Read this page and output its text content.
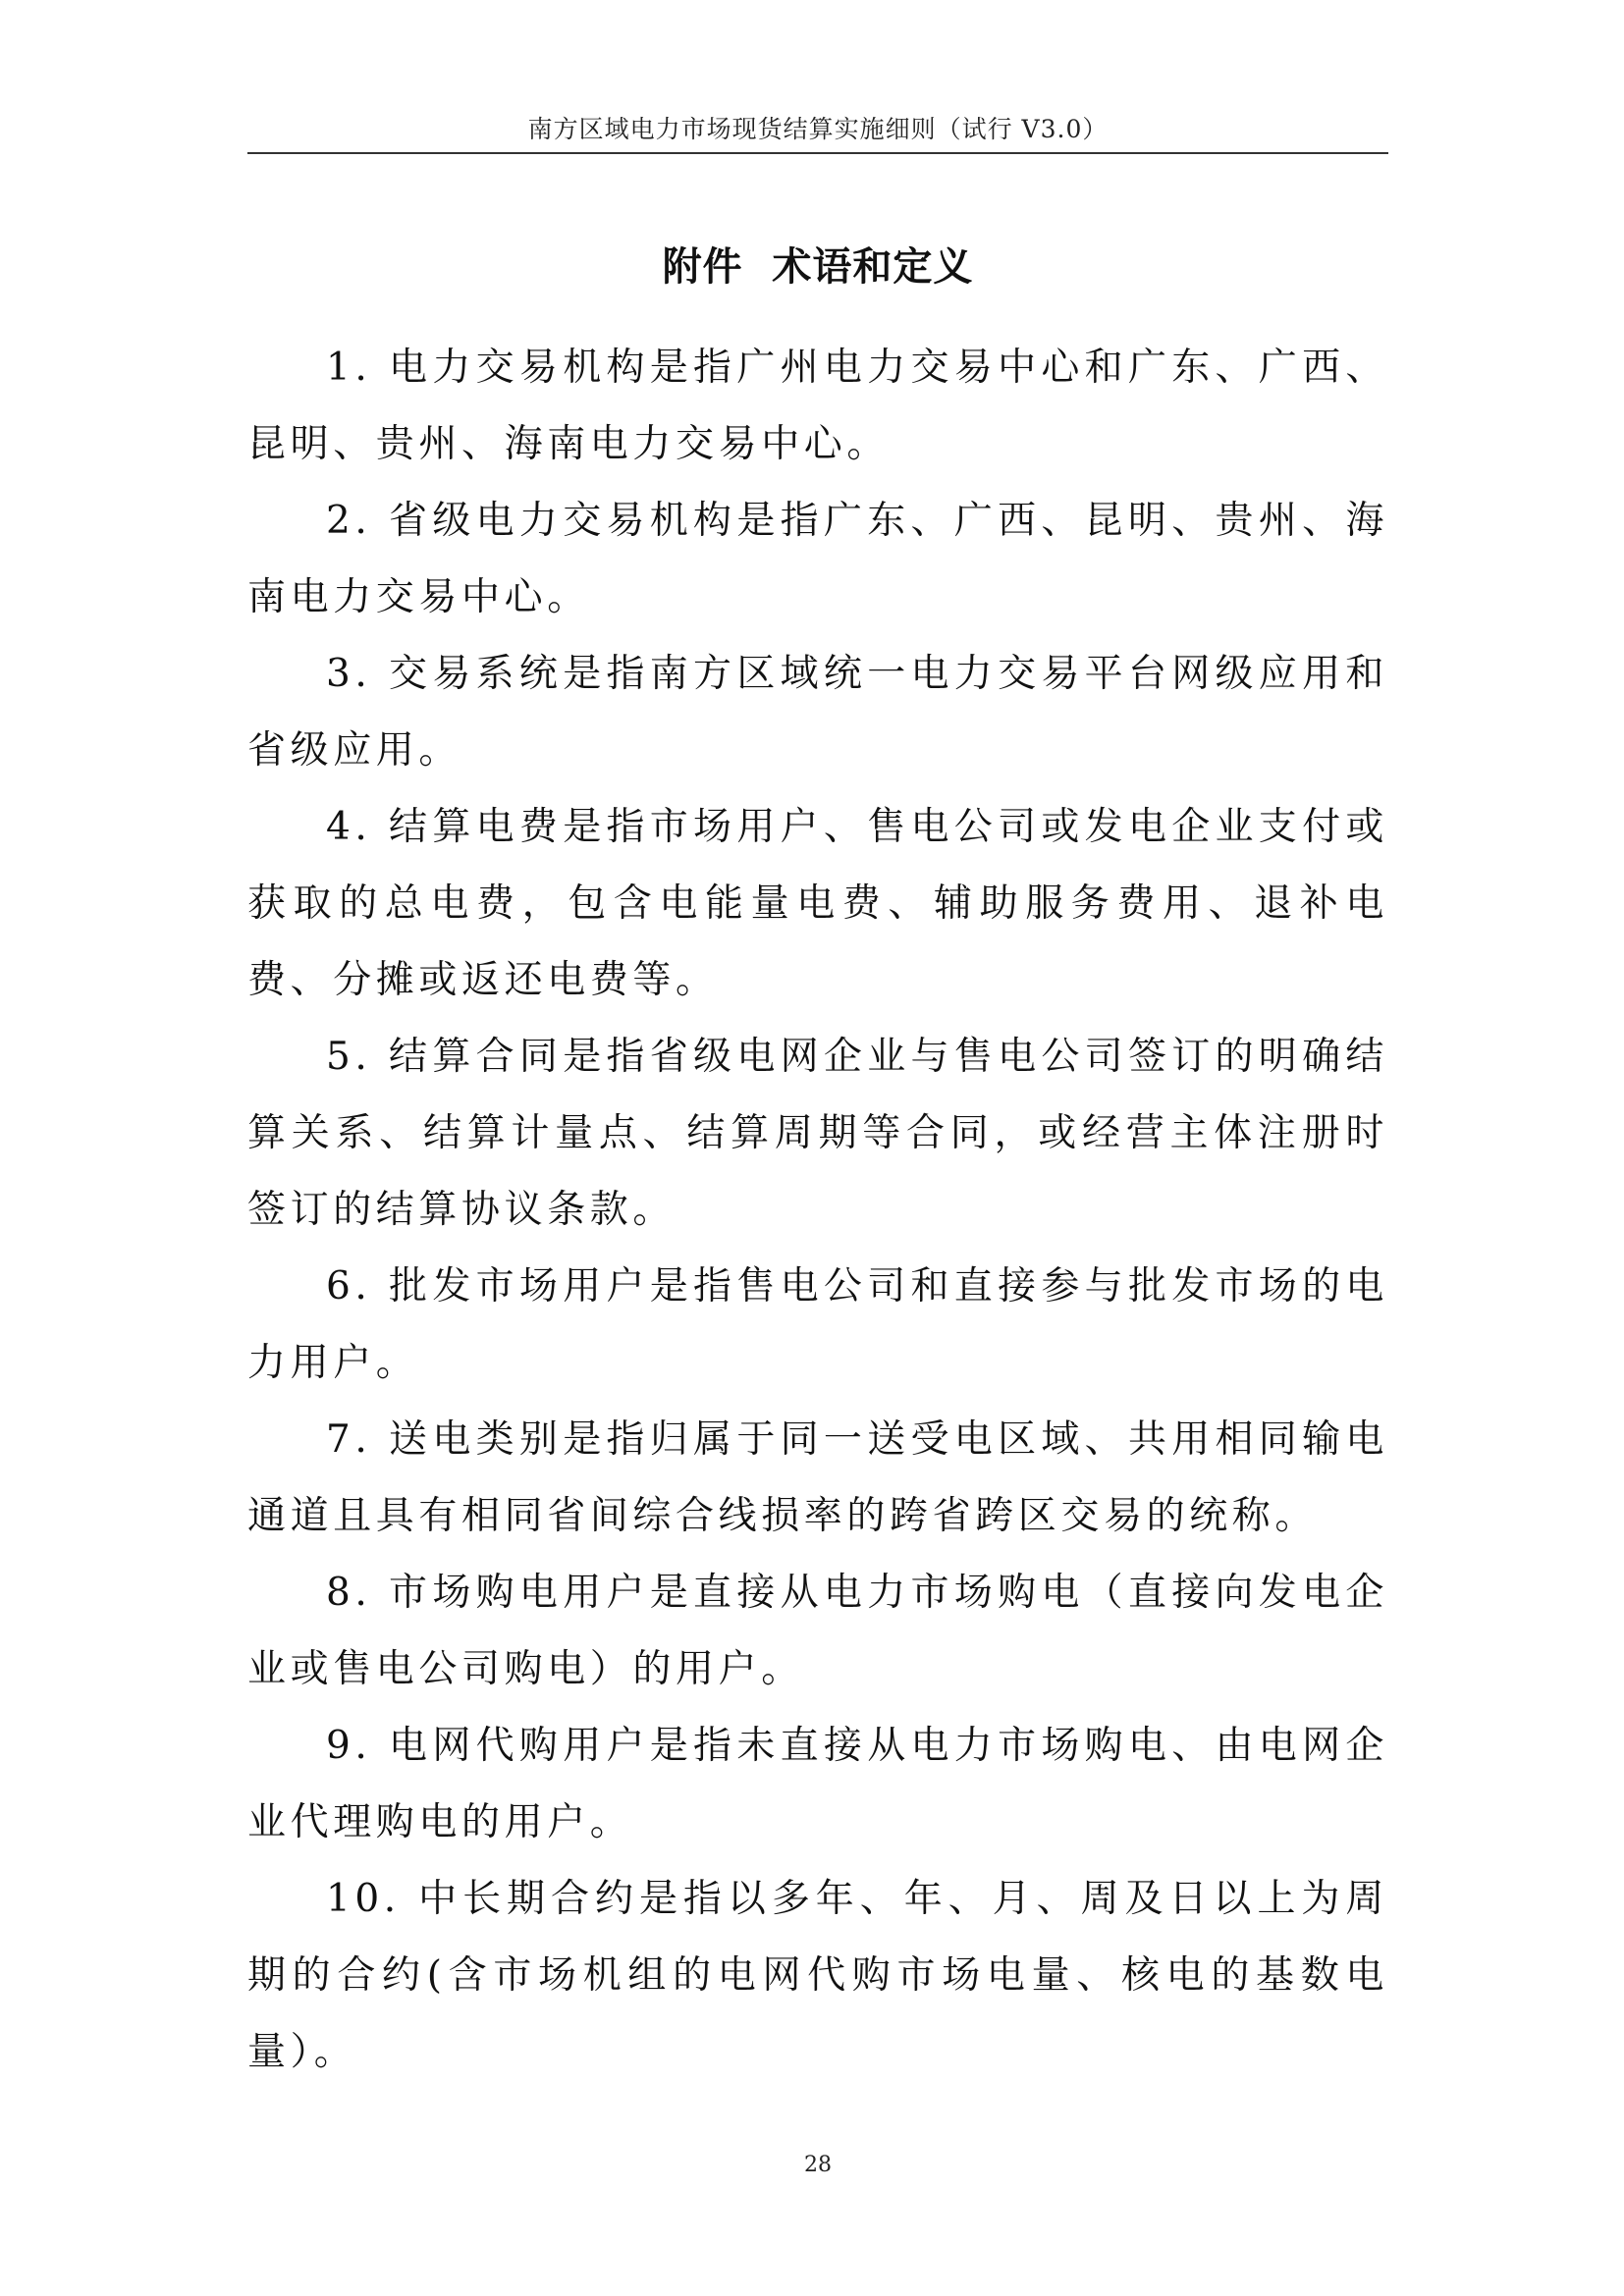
南方区域电力市场现货结算实施细则（试行 V3.0）
附件  术语和定义

1. 电力交易机构是指广州电力交易中心和广东、广西、昆明、贵州、海南电力交易中心。

2. 省级电力交易机构是指广东、广西、昆明、贵州、海南电力交易中心。

3. 交易系统是指南方区域统一电力交易平台网级应用和省级应用。

4. 结算电费是指市场用户、售电公司或发电企业支付或获取的总电费，包含电能量电费、辅助服务费用、退补电费、分摊或返还电费等。

5. 结算合同是指省级电网企业与售电公司签订的明确结算关系、结算计量点、结算周期等合同，或经营主体注册时签订的结算协议条款。

6. 批发市场用户是指售电公司和直接参与批发市场的电力用户。

7. 送电类别是指归属于同一送受电区域、共用相同输电通道且具有相同省间综合线损率的跨省跨区交易的统称。

8. 市场购电用户是直接从电力市场购电（直接向发电企业或售电公司购电）的用户。

9. 电网代购用户是指未直接从电力市场购电、由电网企业代理购电的用户。

10. 中长期合约是指以多年、年、月、周及日以上为周期的合约(含市场机组的电网代购市场电量、核电的基数电量）。

28
